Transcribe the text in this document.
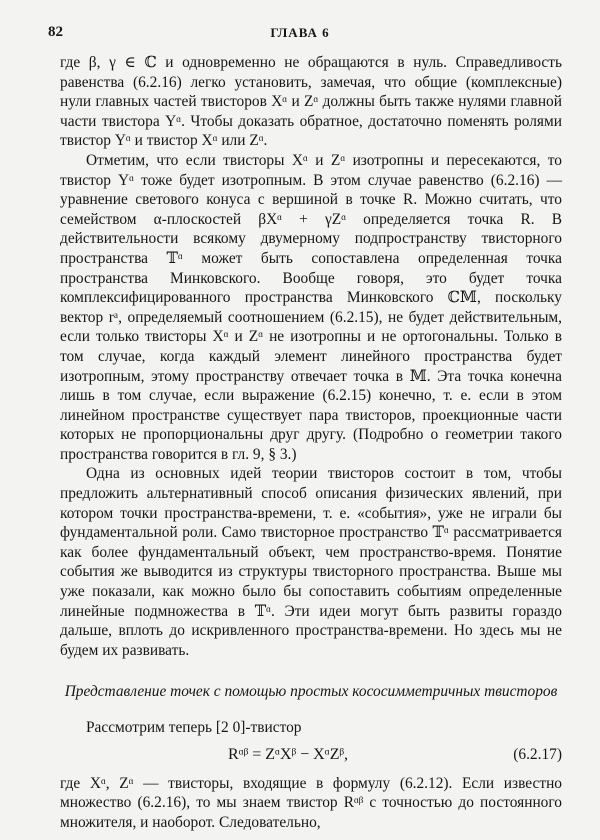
82	ГЛАВА 6

где β, γ ∈ ℂ и одновременно не обращаются в нуль. Справедливость равенства (6.2.16) легко установить, замечая, что общие (комплексные) нули главных частей твисторов Xᵅ и Zᵅ должны быть также нулями главной части твистора Yᵅ. Чтобы доказать обратное, достаточно поменять ролями твистор Yᵅ и твистор Xᵅ или Zᵅ.

Отметим, что если твисторы Xᵅ и Zᵅ изотропны и пересекаются, то твистор Yᵅ тоже будет изотропным. В этом случае равенство (6.2.16) — уравнение светового конуса с вершиной в точке R. Можно считать, что семейством α-плоскостей βXᵅ + γZᵅ определяется точка R. В действительности всякому двумерному подпространству твисторного пространства 𝕋ᵅ может быть сопоставлена определенная точка пространства Минковского. Вообще говоря, это будет точка комплексифицированного пространства Минковского ℂ𝕄, поскольку вектор rᵃ, определяемый соотношением (6.2.15), не будет действительным, если только твисторы Xᵅ и Zᵅ не изотропны и не ортогональны. Только в том случае, когда каждый элемент линейного пространства будет изотропным, этому пространству отвечает точка в 𝕄. Эта точка конечна лишь в том случае, если выражение (6.2.15) конечно, т. е. если в этом линейном пространстве существует пара твисторов, проекционные части которых не пропорциональны друг другу. (Подробно о геометрии такого пространства говорится в гл. 9, § 3.)

Одна из основных идей теории твисторов состоит в том, чтобы предложить альтернативный способ описания физических явлений, при котором точки пространства-времени, т. е. «события», уже не играли бы фундаментальной роли. Само твисторное пространство 𝕋ᵅ рассматривается как более фундаментальный объект, чем пространство-время. Понятие события же выводится из структуры твисторного пространства. Выше мы уже показали, как можно было бы сопоставить событиям определенные линейные подмножества в 𝕋ᵅ. Эти идеи могут быть развиты гораздо дальше, вплоть до искривленного пространства-времени. Но здесь мы не будем их развивать.

Представление точек с помощью простых кососимметричных твисторов

Рассмотрим теперь [2 0]-твистор

Rᵅᵝ = ZᵅXᵝ − XᵅZᵝ,	(6.2.17)

где Xᵅ, Zᵅ — твисторы, входящие в формулу (6.2.12). Если известно множество (6.2.16), то мы знаем твистор Rᵅᵝ с точностью до постоянного множителя, и наоборот. Следовательно,
